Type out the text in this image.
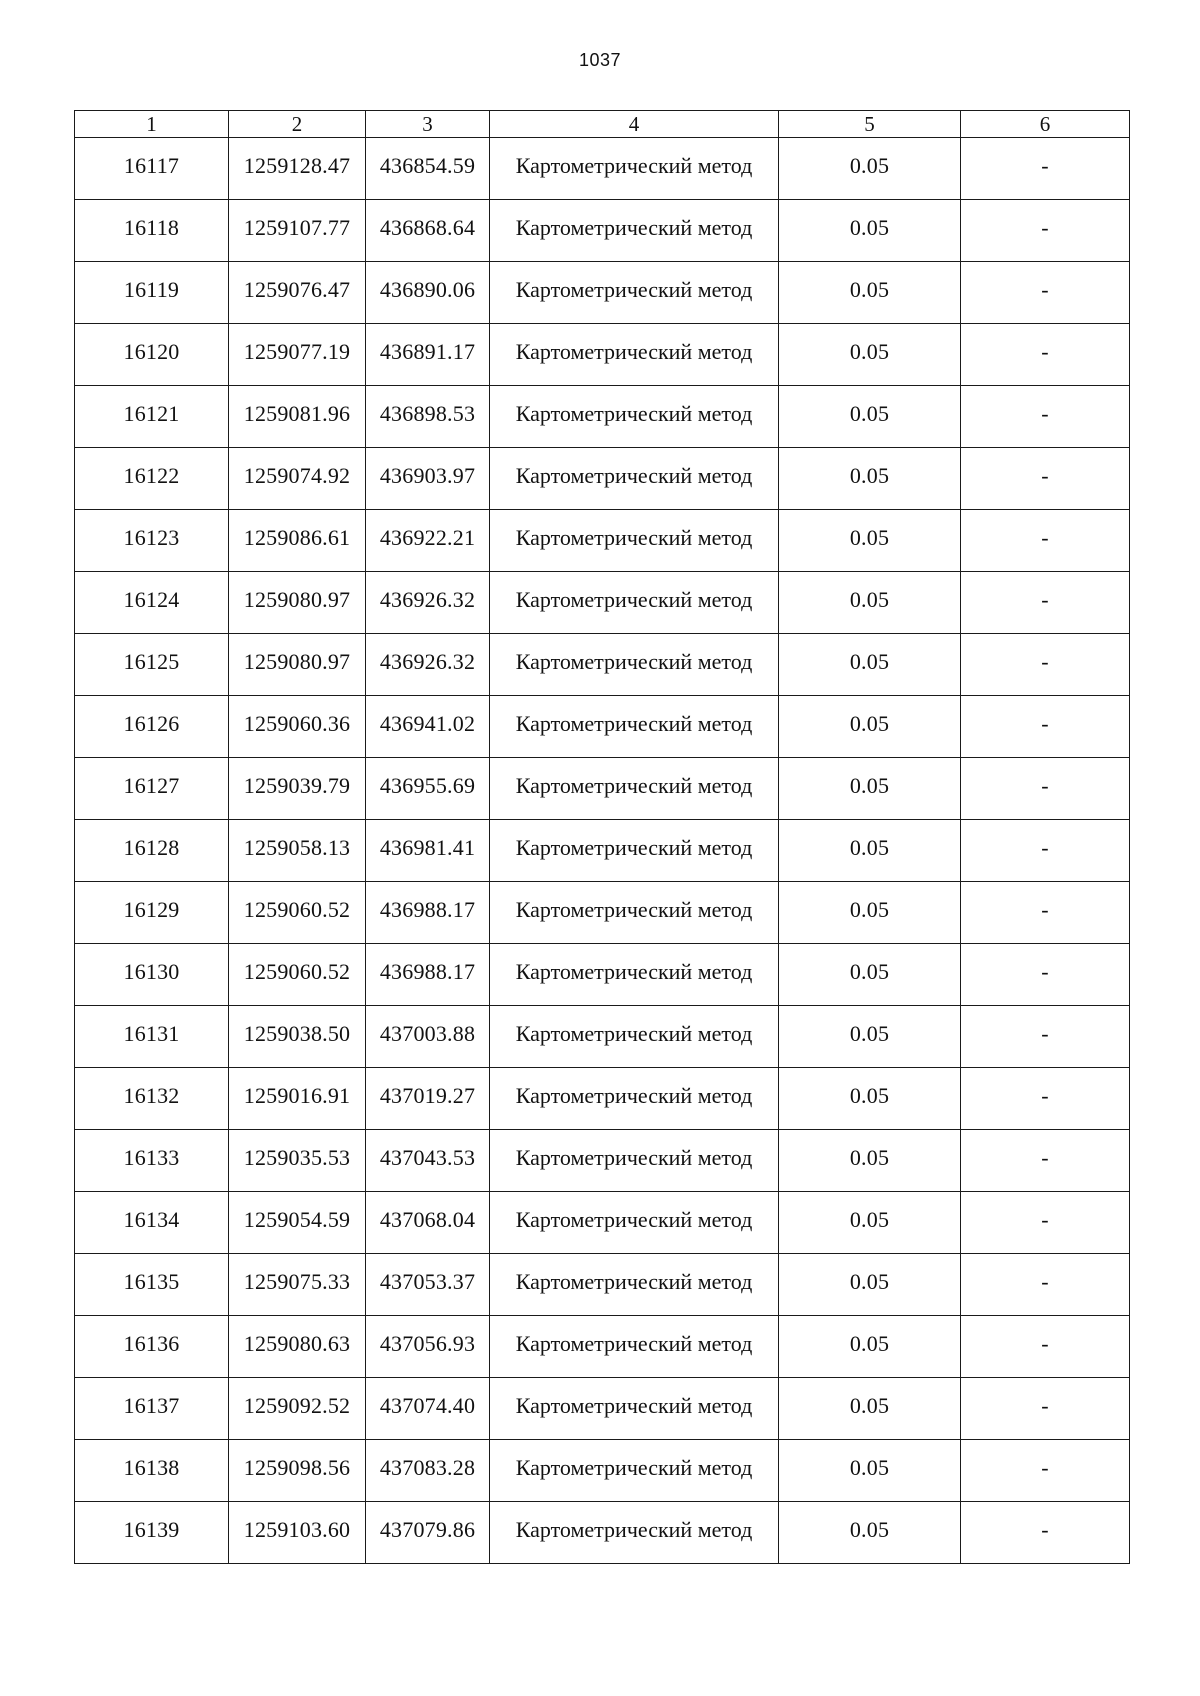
1037
1	2	3	4	5	6
16117	1259128.47	436854.59	Картометрический метод	0.05	-
16118	1259107.77	436868.64	Картометрический метод	0.05	-
16119	1259076.47	436890.06	Картометрический метод	0.05	-
16120	1259077.19	436891.17	Картометрический метод	0.05	-
16121	1259081.96	436898.53	Картометрический метод	0.05	-
16122	1259074.92	436903.97	Картометрический метод	0.05	-
16123	1259086.61	436922.21	Картометрический метод	0.05	-
16124	1259080.97	436926.32	Картометрический метод	0.05	-
16125	1259080.97	436926.32	Картометрический метод	0.05	-
16126	1259060.36	436941.02	Картометрический метод	0.05	-
16127	1259039.79	436955.69	Картометрический метод	0.05	-
16128	1259058.13	436981.41	Картометрический метод	0.05	-
16129	1259060.52	436988.17	Картометрический метод	0.05	-
16130	1259060.52	436988.17	Картометрический метод	0.05	-
16131	1259038.50	437003.88	Картометрический метод	0.05	-
16132	1259016.91	437019.27	Картометрический метод	0.05	-
16133	1259035.53	437043.53	Картометрический метод	0.05	-
16134	1259054.59	437068.04	Картометрический метод	0.05	-
16135	1259075.33	437053.37	Картометрический метод	0.05	-
16136	1259080.63	437056.93	Картометрический метод	0.05	-
16137	1259092.52	437074.40	Картометрический метод	0.05	-
16138	1259098.56	437083.28	Картометрический метод	0.05	-
16139	1259103.60	437079.86	Картометрический метод	0.05	-
